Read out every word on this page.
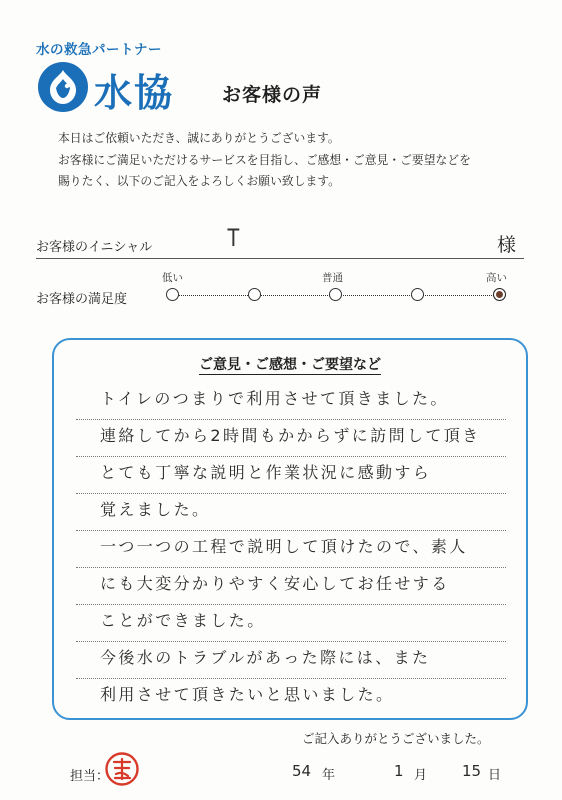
水の救急パートナー
水協	お客様の声
本日はご依頼いただき、誠にありがとうございます。
お客様にご満足いただけるサービスを目指し、ご感想・ご意見・ご要望などを
賜りたく、以下のご記入をよろしくお願い致します。
お客様のイニシャル	T	様
お客様の満足度
低い	普通	高い
ご意見・ご感想・ご要望など
トイレのつまりで利用させて頂きました。
連絡してから2時間もかからずに訪問して頂き
とても丁寧な説明と作業状況に感動すら
覚えました。
一つ一つの工程で説明して頂けたので、素人
にも大変分かりやすく安心してお任せする
ことができました。
今後水のトラブルがあった際には、また
利用させて頂きたいと思いました。
ご記入ありがとうございました。
担当：	54 年	1 月 15 日
